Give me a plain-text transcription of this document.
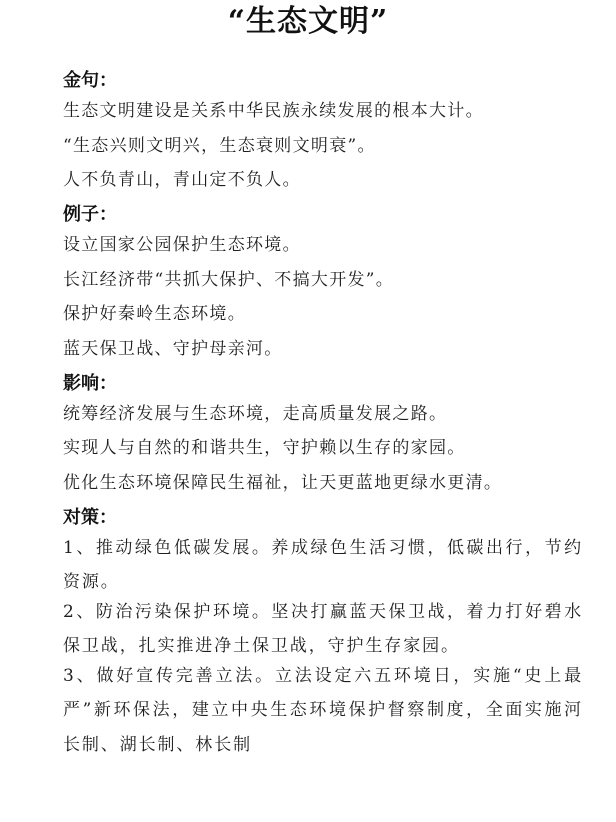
“生态文明”
金句：
生态文明建设是关系中华民族永续发展的根本大计。
“生态兴则文明兴，生态衰则文明衰”。
人不负青山，青山定不负人。
例子：
设立国家公园保护生态环境。
长江经济带“共抓大保护、不搞大开发”。
保护好秦岭生态环境。
蓝天保卫战、守护母亲河。
影响：
统筹经济发展与生态环境，走高质量发展之路。
实现人与自然的和谐共生，守护赖以生存的家园。
优化生态环境保障民生福祉，让天更蓝地更绿水更清。
对策：
1、推动绿色低碳发展。养成绿色生活习惯，低碳出行，节约资源。
2、防治污染保护环境。坚决打赢蓝天保卫战，着力打好碧水保卫战，扎实推进净土保卫战，守护生存家园。
3、做好宣传完善立法。立法设定六五环境日，实施“史上最严”新环保法，建立中央生态环境保护督察制度，全面实施河长制、湖长制、林长制
